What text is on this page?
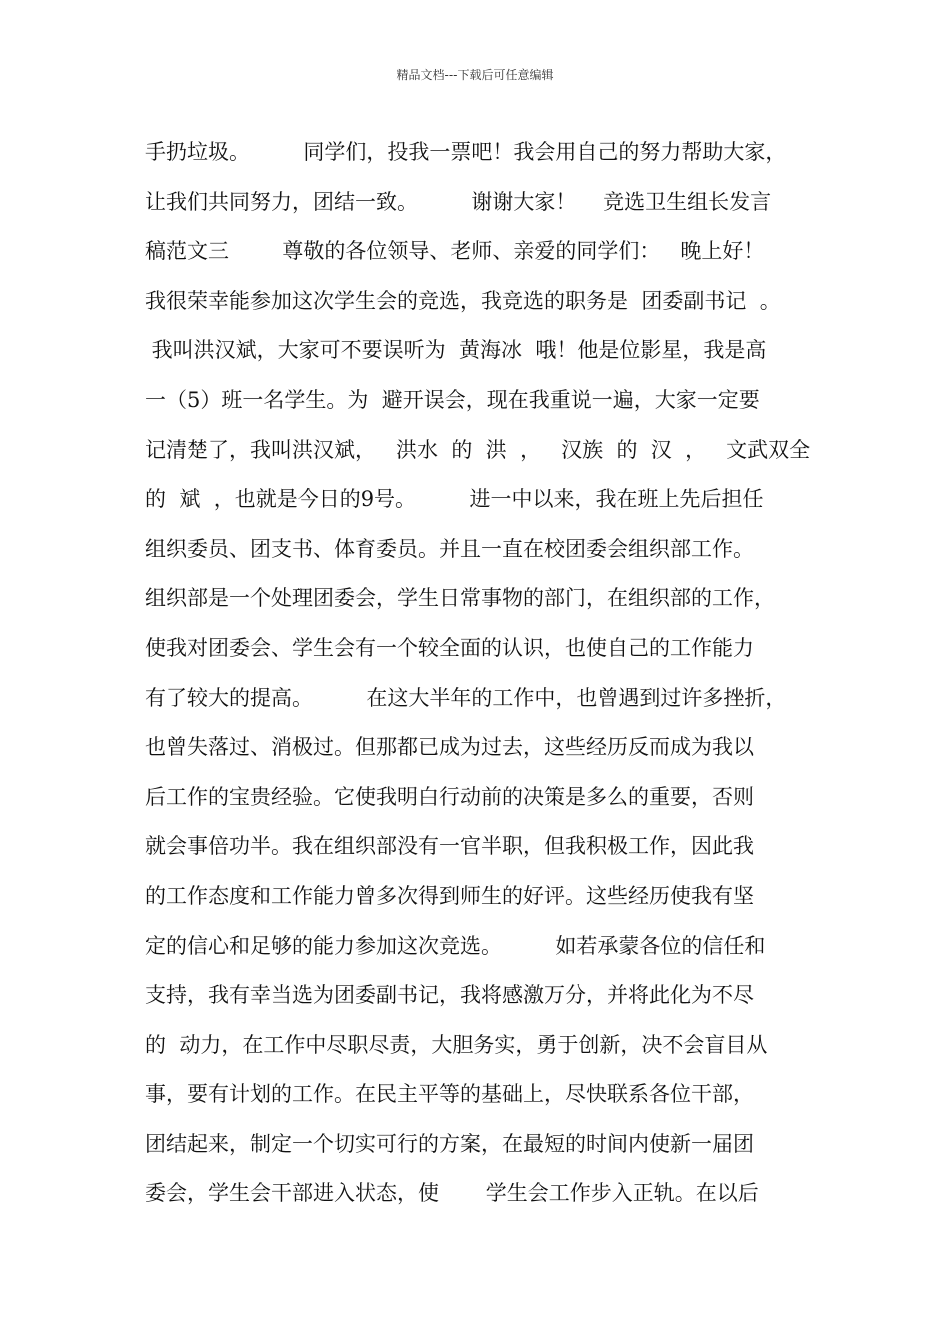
精品文档---下载后可任意编辑
手扔垃圾。        同学们，投我一票吧！我会用自己的努力帮助大家，
让我们共同努力，团结一致。        谢谢大家！    竞选卫生组长发言
稿范文三        尊敬的各位领导、老师、亲爱的同学们：   晚上好！
我很荣幸能参加这次学生会的竞选，我竞选的职务是  团委副书记  。
我叫洪汉斌，大家可不要误听为  黄海冰  哦！他是位影星，我是高
一（5）班一名学生。为  避开误会，现在我重说一遍，大家一定要
记清楚了，我叫洪汉斌，   洪水  的  洪  ，   汉族  的  汉  ，   文武双全
的  斌  ，也就是今日的9号。        进一中以来，我在班上先后担任
组织委员、团支书、体育委员。并且一直在校团委会组织部工作。
组织部是一个处理团委会，学生日常事物的部门，在组织部的工作，
使我对团委会、学生会有一个较全面的认识，也使自己的工作能力
有了较大的提高。        在这大半年的工作中，也曾遇到过许多挫折，
也曾失落过、消极过。但那都已成为过去，这些经历反而成为我以
后工作的宝贵经验。它使我明白行动前的决策是多么的重要，否则
就会事倍功半。我在组织部没有一官半职，但我积极工作，因此我
的工作态度和工作能力曾多次得到师生的好评。这些经历使我有坚
定的信心和足够的能力参加这次竞选。        如若承蒙各位的信任和
支持，我有幸当选为团委副书记，我将感激万分，并将此化为不尽
的  动力，在工作中尽职尽责，大胆务实，勇于创新，决不会盲目从
事，要有计划的工作。在民主平等的基础上，尽快联系各位干部，
团结起来，制定一个切实可行的方案，在最短的时间内使新一届团
委会，学生会干部进入状态，使       学生会工作步入正轨。在以后
